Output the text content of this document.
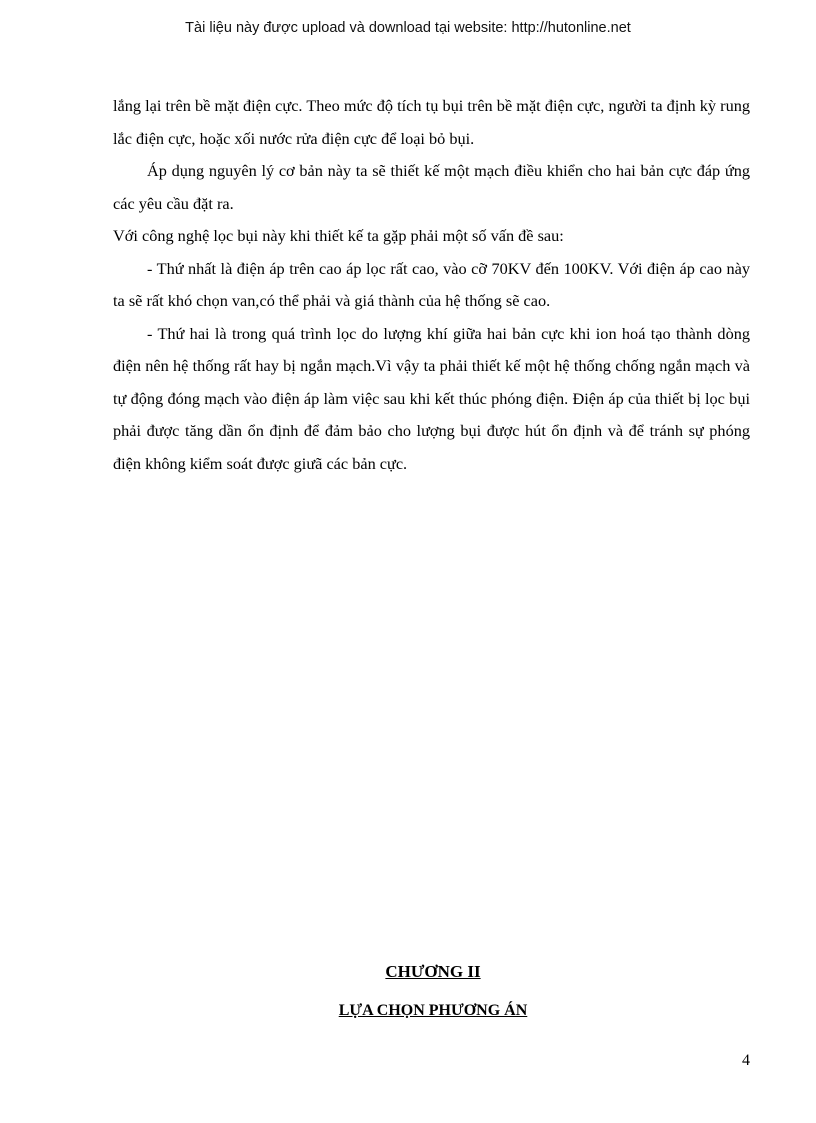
Tài liệu này được upload và download tại website: http://hutonline.net

lắng lại trên bề mặt điện cực. Theo mức độ tích tụ bụi trên bề mặt điện cực, người ta định kỳ rung lắc điện cực, hoặc xối nước rửa điện cực để loại bỏ bụi.

Áp dụng nguyên lý cơ bản này ta sẽ thiết kế một mạch điều khiển cho hai bản cực đáp ứng các yêu cầu đặt ra.

Với công nghệ lọc bụi này khi thiết kế ta gặp phải một số vấn đề sau:

- Thứ nhất là điện áp trên cao áp lọc rất cao, vào cỡ 70KV đến 100KV. Với điện áp cao này ta sẽ rất khó chọn van,có thể phải và giá thành của hệ thống sẽ cao.

- Thứ hai là trong quá trình lọc do lượng khí giữa hai bản cực khi ion hoá tạo thành dòng điện nên hệ thống rất hay bị ngắn mạch.Vì vậy ta phải thiết kế một hệ thống chống ngắn mạch và tự động đóng mạch vào điện áp làm việc sau khi kết thúc phóng điện. Điện áp của thiết bị lọc bụi phải được tăng dần ổn định để đảm bảo cho lượng bụi được hút ổn định và để tránh sự phóng điện không kiểm soát được giưã các bản cực.

CHƯƠNG II
LỰA CHỌN PHƯƠNG ÁN
4
